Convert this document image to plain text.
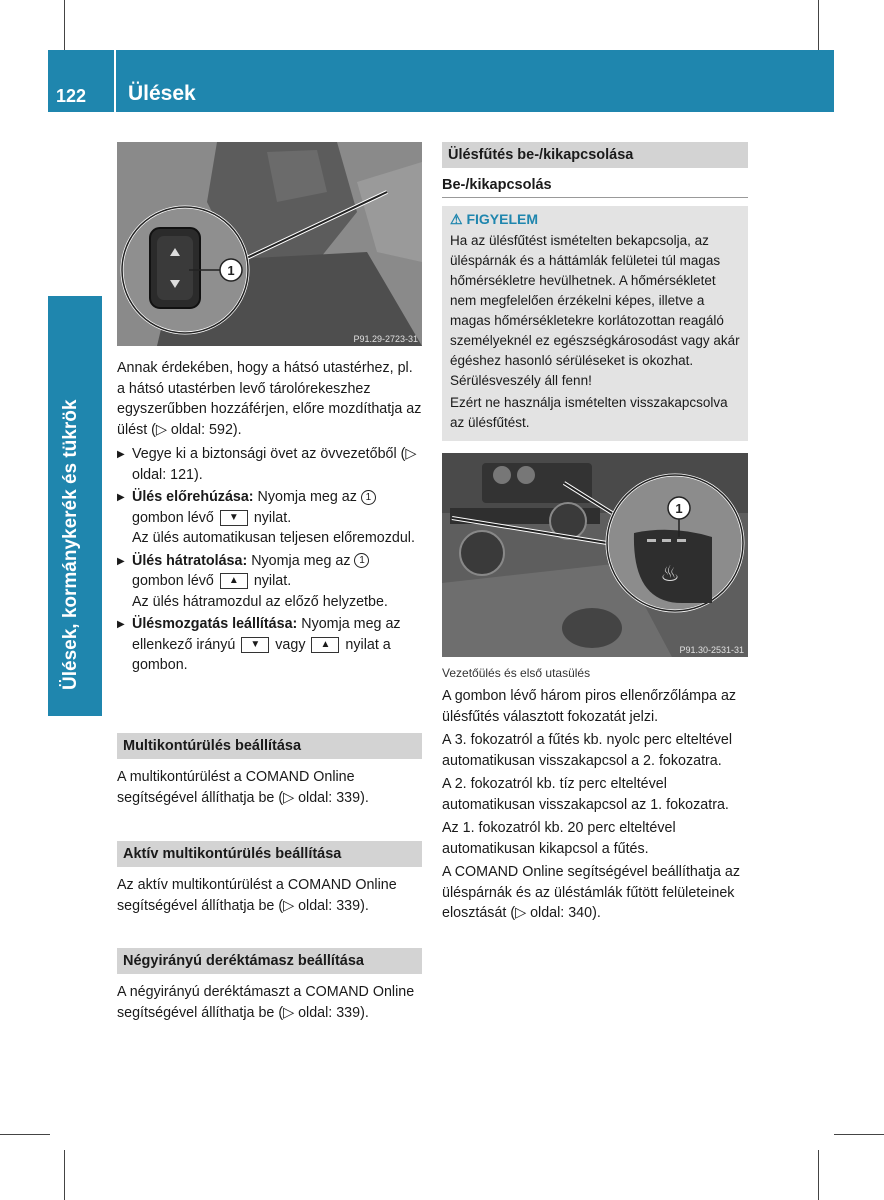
122 Ülések
Ülések, kormánykerék és tükrök
1
P91.29-2723-31

Annak érdekében, hogy a hátsó utastérhez, pl. a hátsó utastérben levő tárolórekeszhez egyszerűbben hozzáférjen, előre mozdíthatja az ülést (▷ oldal: 592).

▶ Vegye ki a biztonsági övet az övvezetőből (▷ oldal: 121).

▶ Ülés előrehúzása: Nyomja meg az 1 gombon lévő ▼ nyilat.
Az ülés automatikusan teljesen előremozdul.

▶ Ülés hátratolása: Nyomja meg az 1 gombon lévő ▲ nyilat.
Az ülés hátramozdul az előző helyzetbe.

▶ Ülésmozgatás leállítása: Nyomja meg az ellenkező irányú ▼ vagy ▲ nyilat a gombon.

Multikontúrülés beállítása

A multikontúrülést a COMAND Online segítségével állíthatja be (▷ oldal: 339).

Aktív multikontúrülés beállítása

Az aktív multikontúrülést a COMAND Online segítségével állíthatja be (▷ oldal: 339).

Négyirányú deréktámasz beállítása

A négyirányú deréktámaszt a COMAND Online segítségével állíthatja be (▷ oldal: 339).

Ülésfűtés be-/kikapcsolása
Be-/kikapcsolás
⚠ FIGYELEM

Ha az ülésfűtést ismételten bekapcsolja, az üléspárnák és a háttámlák felületei túl magas hőmérsékletre hevülhetnek. A hőmérsékletet nem megfelelően érzékelni képes, illetve a magas hőmérsékletekre korlátozottan reagáló személyeknél ez egészségkárosodást vagy akár égéshez hasonló sérüléseket is okozhat. Sérülésveszély áll fenn!

Ezért ne használja ismételten visszakapcsolva az ülésfűtést.

♨
1
P91.30-2531-31
Vezetőülés és első utasülés

A gombon lévő három piros ellenőrzőlámpa az ülésfűtés választott fokozatát jelzi.

A 3. fokozatról a fűtés kb. nyolc perc elteltével automatikusan visszakapcsol a 2. fokozatra.

A 2. fokozatról kb. tíz perc elteltével automatikusan visszakapcsol az 1. fokozatra.

Az 1. fokozatról kb. 20 perc elteltével automatikusan kikapcsol a fűtés.

A COMAND Online segítségével beállíthatja az üléspárnák és az üléstámlák fűtött felületeinek elosztását (▷ oldal: 340).
